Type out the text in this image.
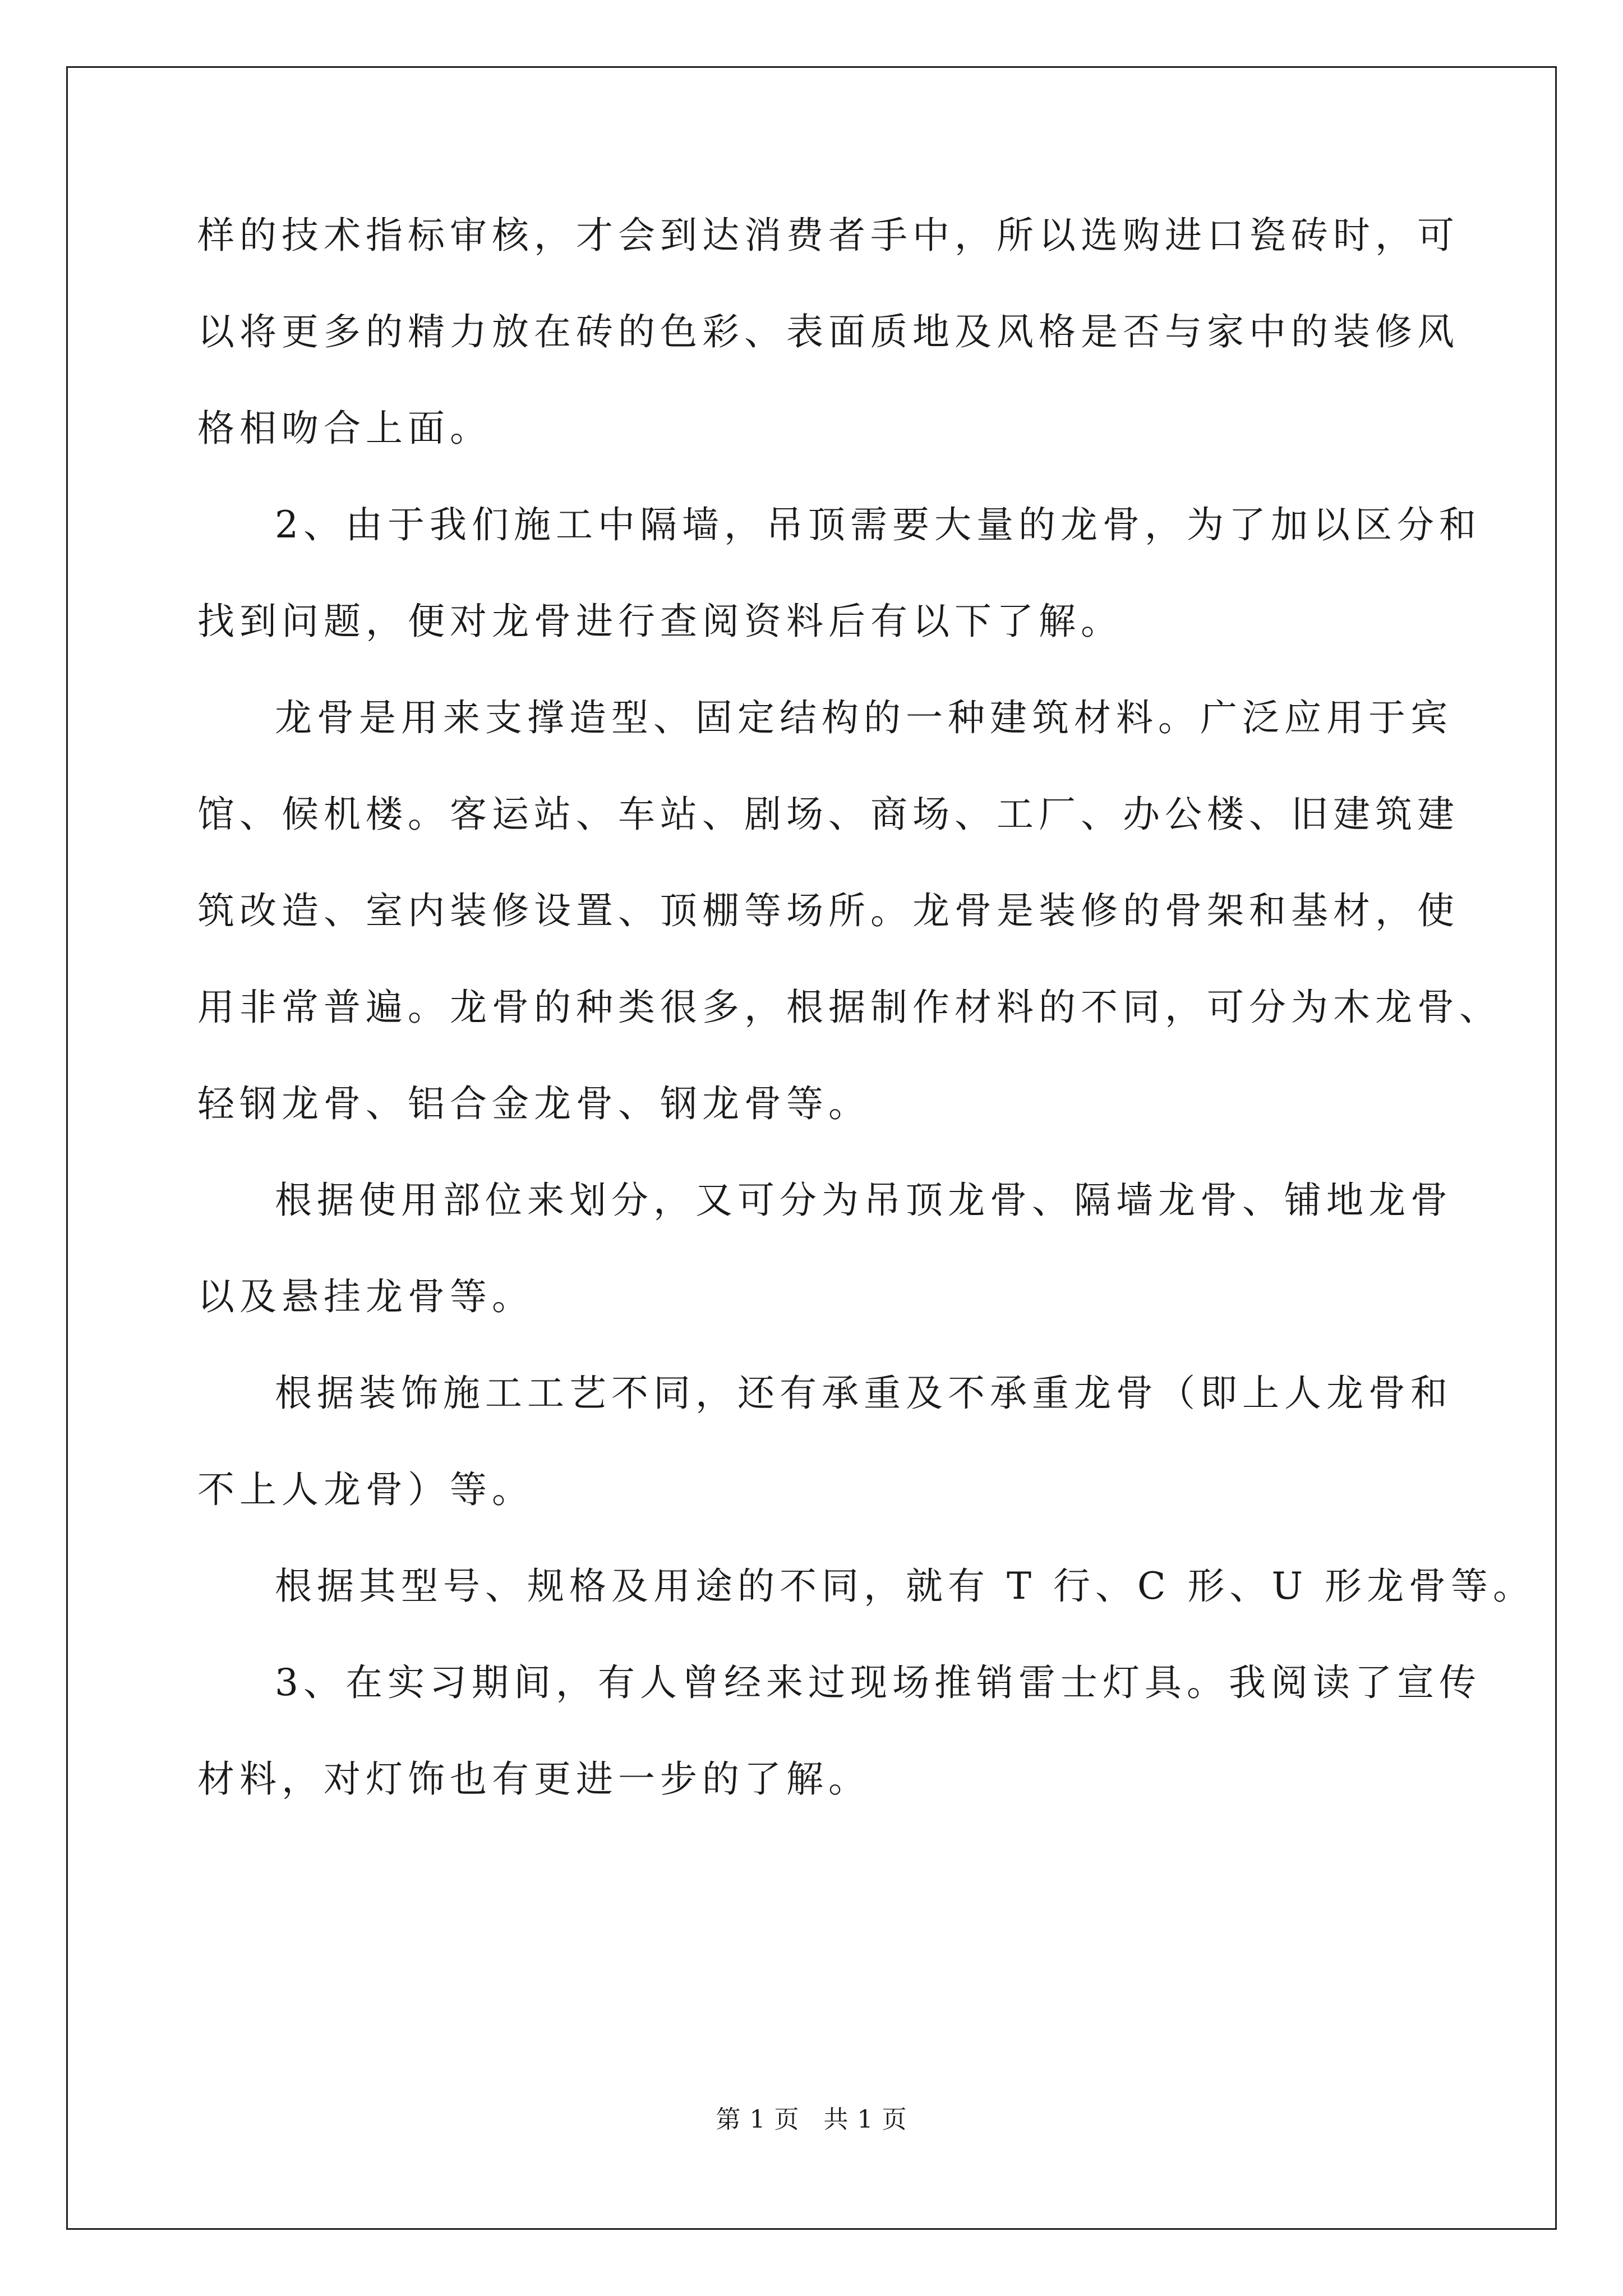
样的技术指标审核，才会到达消费者手中，所以选购进口瓷砖时，可
以将更多的精力放在砖的色彩、表面质地及风格是否与家中的装修风
格相吻合上面。
2、由于我们施工中隔墙，吊顶需要大量的龙骨，为了加以区分和
找到问题，便对龙骨进行查阅资料后有以下了解。
龙骨是用来支撑造型、固定结构的一种建筑材料。广泛应用于宾
馆、候机楼。客运站、车站、剧场、商场、工厂、办公楼、旧建筑建
筑改造、室内装修设置、顶棚等场所。龙骨是装修的骨架和基材，使
用非常普遍。龙骨的种类很多，根据制作材料的不同，可分为木龙骨、
轻钢龙骨、铝合金龙骨、钢龙骨等。
根据使用部位来划分，又可分为吊顶龙骨、隔墙龙骨、铺地龙骨
以及悬挂龙骨等。
根据装饰施工工艺不同，还有承重及不承重龙骨（即上人龙骨和
不上人龙骨）等。
根据其型号、规格及用途的不同，就有 T 行、C 形、U 形龙骨等。
3、在实习期间，有人曾经来过现场推销雷士灯具。我阅读了宣传
材料，对灯饰也有更进一步的了解。
第 1 页 共 1 页
